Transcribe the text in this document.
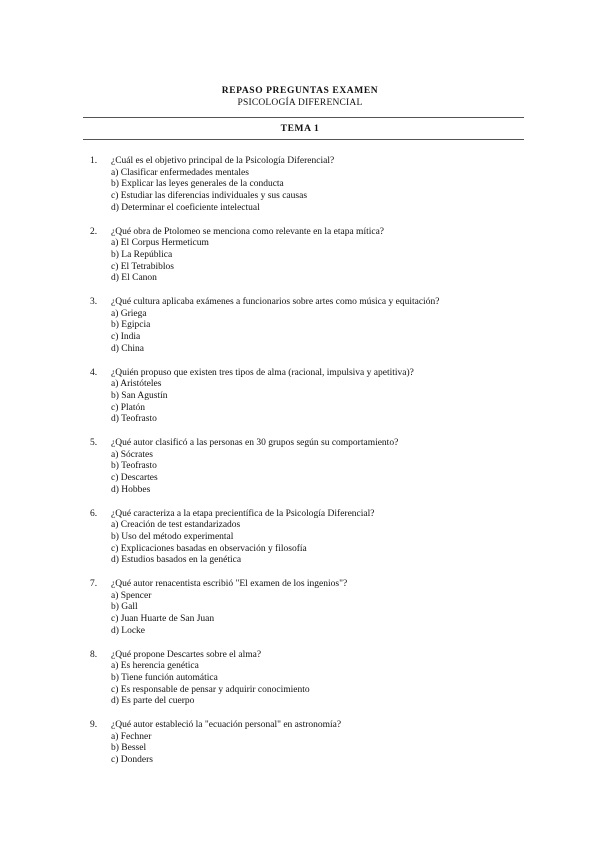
REPASO PREGUNTAS EXAMEN
PSICOLOGÍA DIFERENCIAL
TEMA 1
1. ¿Cuál es el objetivo principal de la Psicología Diferencial?
a) Clasificar enfermedades mentales
b) Explicar las leyes generales de la conducta
c) Estudiar las diferencias individuales y sus causas
d) Determinar el coeficiente intelectual
2. ¿Qué obra de Ptolomeo se menciona como relevante en la etapa mítica?
a) El Corpus Hermeticum
b) La República
c) El Tetrabiblos
d) El Canon
3. ¿Qué cultura aplicaba exámenes a funcionarios sobre artes como música y equitación?
a) Griega
b) Egipcia
c) India
d) China
4. ¿Quién propuso que existen tres tipos de alma (racional, impulsiva y apetitiva)?
a) Aristóteles
b) San Agustín
c) Platón
d) Teofrasto
5. ¿Qué autor clasificó a las personas en 30 grupos según su comportamiento?
a) Sócrates
b) Teofrasto
c) Descartes
d) Hobbes
6. ¿Qué caracteriza a la etapa precientífica de la Psicología Diferencial?
a) Creación de test estandarizados
b) Uso del método experimental
c) Explicaciones basadas en observación y filosofía
d) Estudios basados en la genética
7. ¿Qué autor renacentista escribió "El examen de los ingenios"?
a) Spencer
b) Gall
c) Juan Huarte de San Juan
d) Locke
8. ¿Qué propone Descartes sobre el alma?
a) Es herencia genética
b) Tiene función automática
c) Es responsable de pensar y adquirir conocimiento
d) Es parte del cuerpo
9. ¿Qué autor estableció la "ecuación personal" en astronomía?
a) Fechner
b) Bessel
c) Donders
